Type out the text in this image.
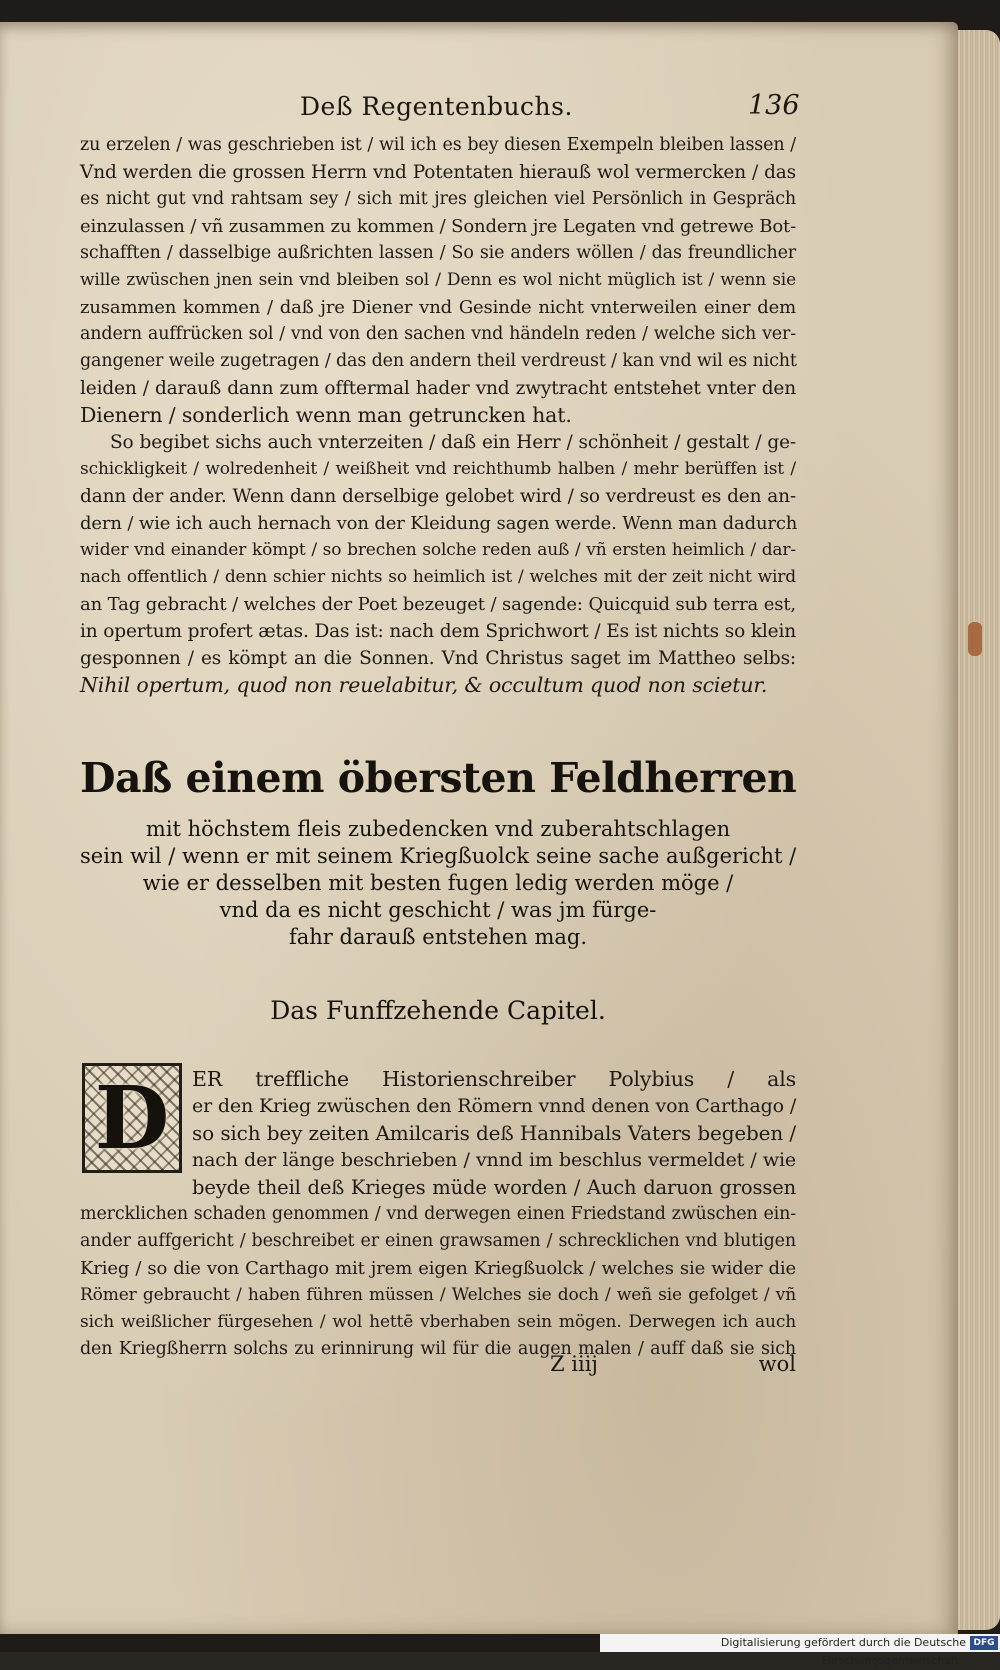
Deß Regentenbuchs.	136
zu erzelen / was geschrieben ist / wil ich es bey diesen Exempeln bleiben lassen /
Vnd werden die grossen Herrn vnd Potentaten hierauß wol vermercken / das
es nicht gut vnd rahtsam sey / sich mit jres gleichen viel Persönlich in Gespräch
einzulassen / vñ zusammen zu kommen / Sondern jre Legaten vnd getrewe Bot-
schafften / dasselbige außrichten lassen / So sie anders wöllen / das freundlicher
wille zwüschen jnen sein vnd bleiben sol / Denn es wol nicht müglich ist / wenn sie
zusammen kommen / daß jre Diener vnd Gesinde nicht vnterweilen einer dem
andern auffrücken sol / vnd von den sachen vnd händeln reden / welche sich ver-
gangener weile zugetragen / das den andern theil verdreust / kan vnd wil es nicht
leiden / darauß dann zum offtermal hader vnd zwytracht entstehet vnter den
Dienern / sonderlich wenn man getruncken hat.
So begibet sichs auch vnterzeiten / daß ein Herr / schönheit / gestalt / ge-
schickligkeit / wolredenheit / weißheit vnd reichthumb halben / mehr berüffen ist /
dann der ander. Wenn dann derselbige gelobet wird / so verdreust es den an-
dern / wie ich auch hernach von der Kleidung sagen werde. Wenn man dadurch
wider vnd einander kömpt / so brechen solche reden auß / vñ ersten heimlich / dar-
nach offentlich / denn schier nichts so heimlich ist / welches mit der zeit nicht wird
an Tag gebracht / welches der Poet bezeuget / sagende: Quicquid sub terra est,
in opertum profert ætas. Das ist: nach dem Sprichwort / Es ist nichts so klein
gesponnen / es kömpt an die Sonnen. Vnd Christus saget im Mattheo selbs:
Nihil opertum, quod non reuelabitur, & occultum quod non scietur.
Daß einem öbersten Feldherren
mit höchstem fleis zubedencken vnd zuberahtschlagen
sein wil / wenn er mit seinem Kriegßuolck seine sache außgericht /
wie er desselben mit besten fugen ledig werden möge /
vnd da es nicht geschicht / was jm fürge-
fahr darauß entstehen mag.
Das Funffzehende Capitel.
D	ER treffliche Historienschreiber Polybius / als
er den Krieg zwüschen den Römern vnnd denen von Carthago /
so sich bey zeiten Amilcaris deß Hannibals Vaters begeben /
nach der länge beschrieben / vnnd im beschlus vermeldet / wie
beyde theil deß Krieges müde worden / Auch daruon grossen
mercklichen schaden genommen / vnd derwegen einen Friedstand zwüschen ein-
ander auffgericht / beschreibet er einen grawsamen / schrecklichen vnd blutigen
Krieg / so die von Carthago mit jrem eigen Kriegßuolck / welches sie wider die
Römer gebraucht / haben führen müssen / Welches sie doch / weñ sie gefolget / vñ
sich weißlicher fürgesehen / wol hettē vberhaben sein mögen. Derwegen ich auch
den Kriegßherrn solchs zu erinnirung wil für die augen malen / auff daß sie sich
Z iiij	wol
Digitalisierung gefördert durch die Deutsche Forschungsgemeinschaft ·
DFG
